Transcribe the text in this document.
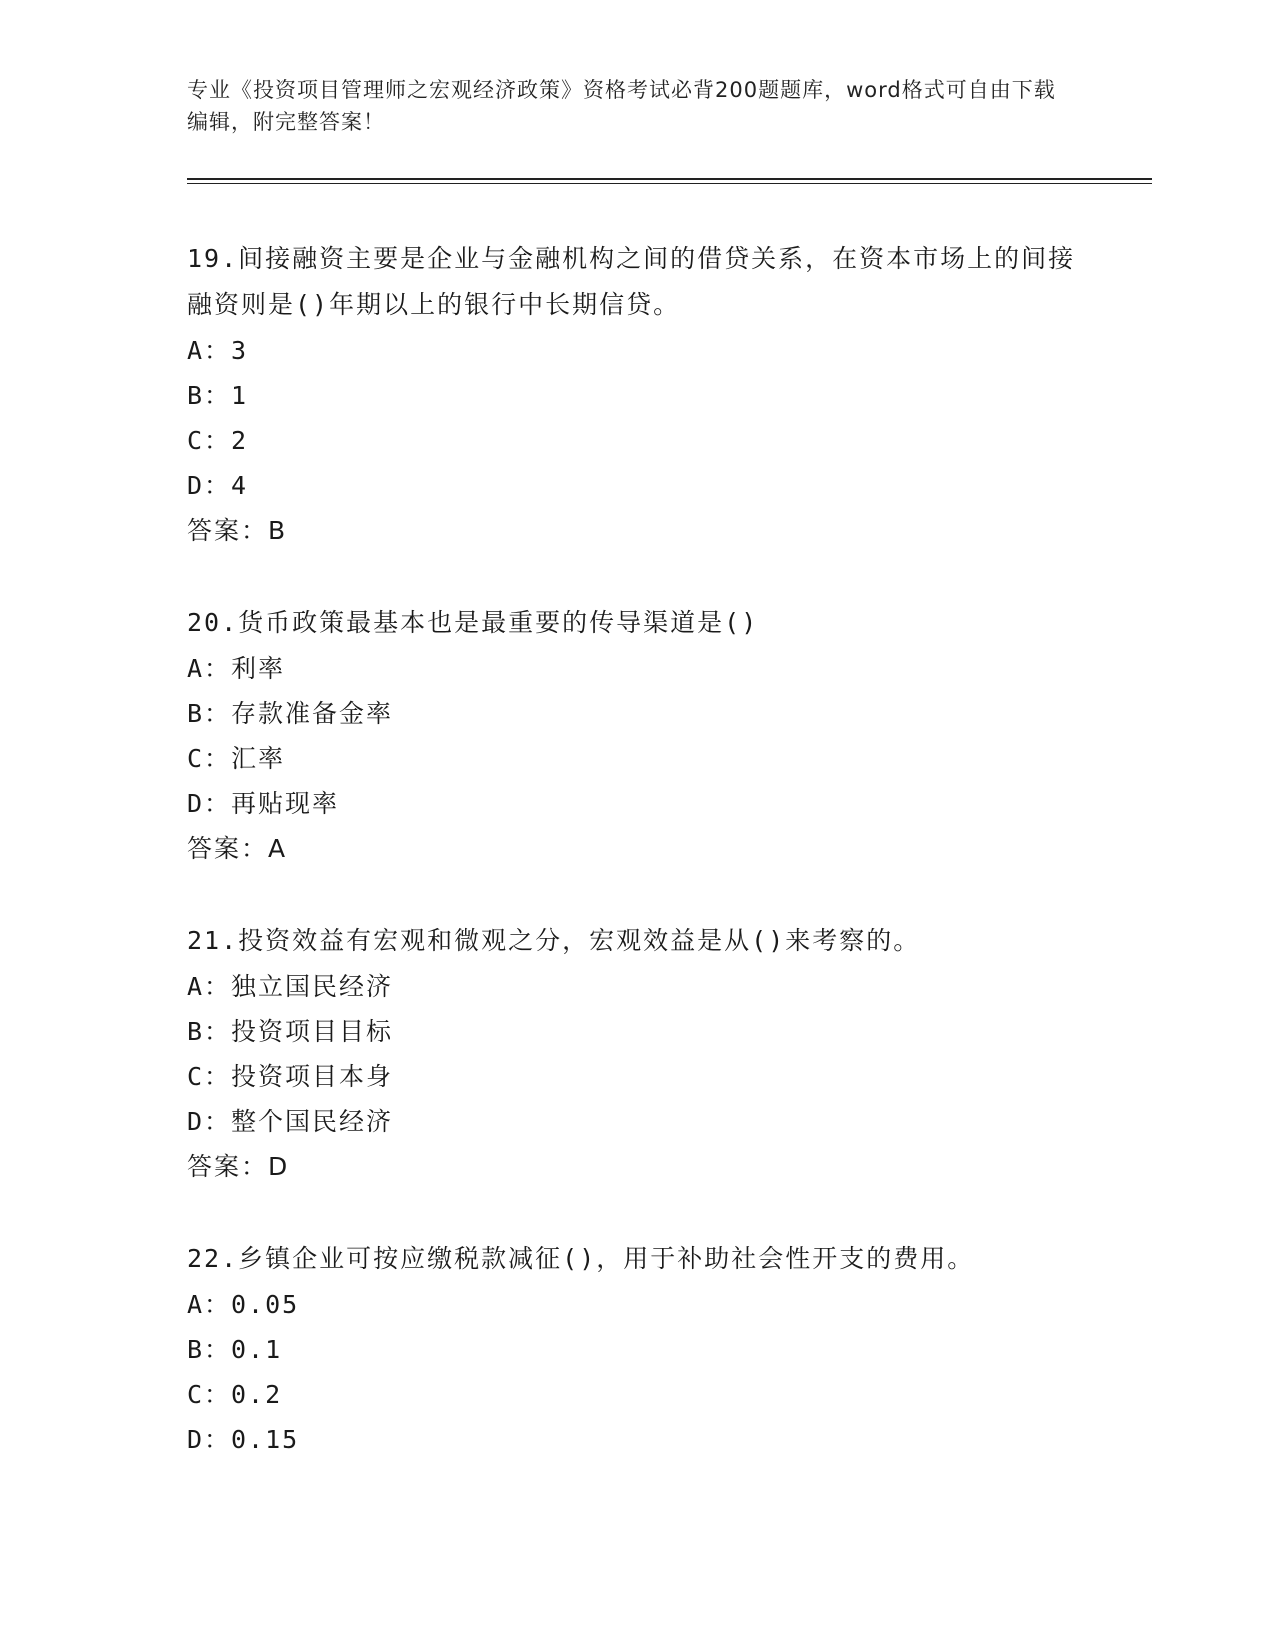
专业《投资项目管理师之宏观经济政策》资格考试必背200题题库，word格式可自由下载编辑，附完整答案！

19.间接融资主要是企业与金融机构之间的借贷关系，在资本市场上的间接融资则是()年期以上的银行中长期信贷。

A：3
B：1
C：2
D：4
答案：B

20.货币政策最基本也是最重要的传导渠道是()

A：利率
B：存款准备金率
C：汇率
D：再贴现率
答案：A

21.投资效益有宏观和微观之分，宏观效益是从()来考察的。

A：独立国民经济
B：投资项目目标
C：投资项目本身
D：整个国民经济
答案：D

22.乡镇企业可按应缴税款减征()，用于补助社会性开支的费用。

A：0.05
B：0.1
C：0.2
D：0.15
